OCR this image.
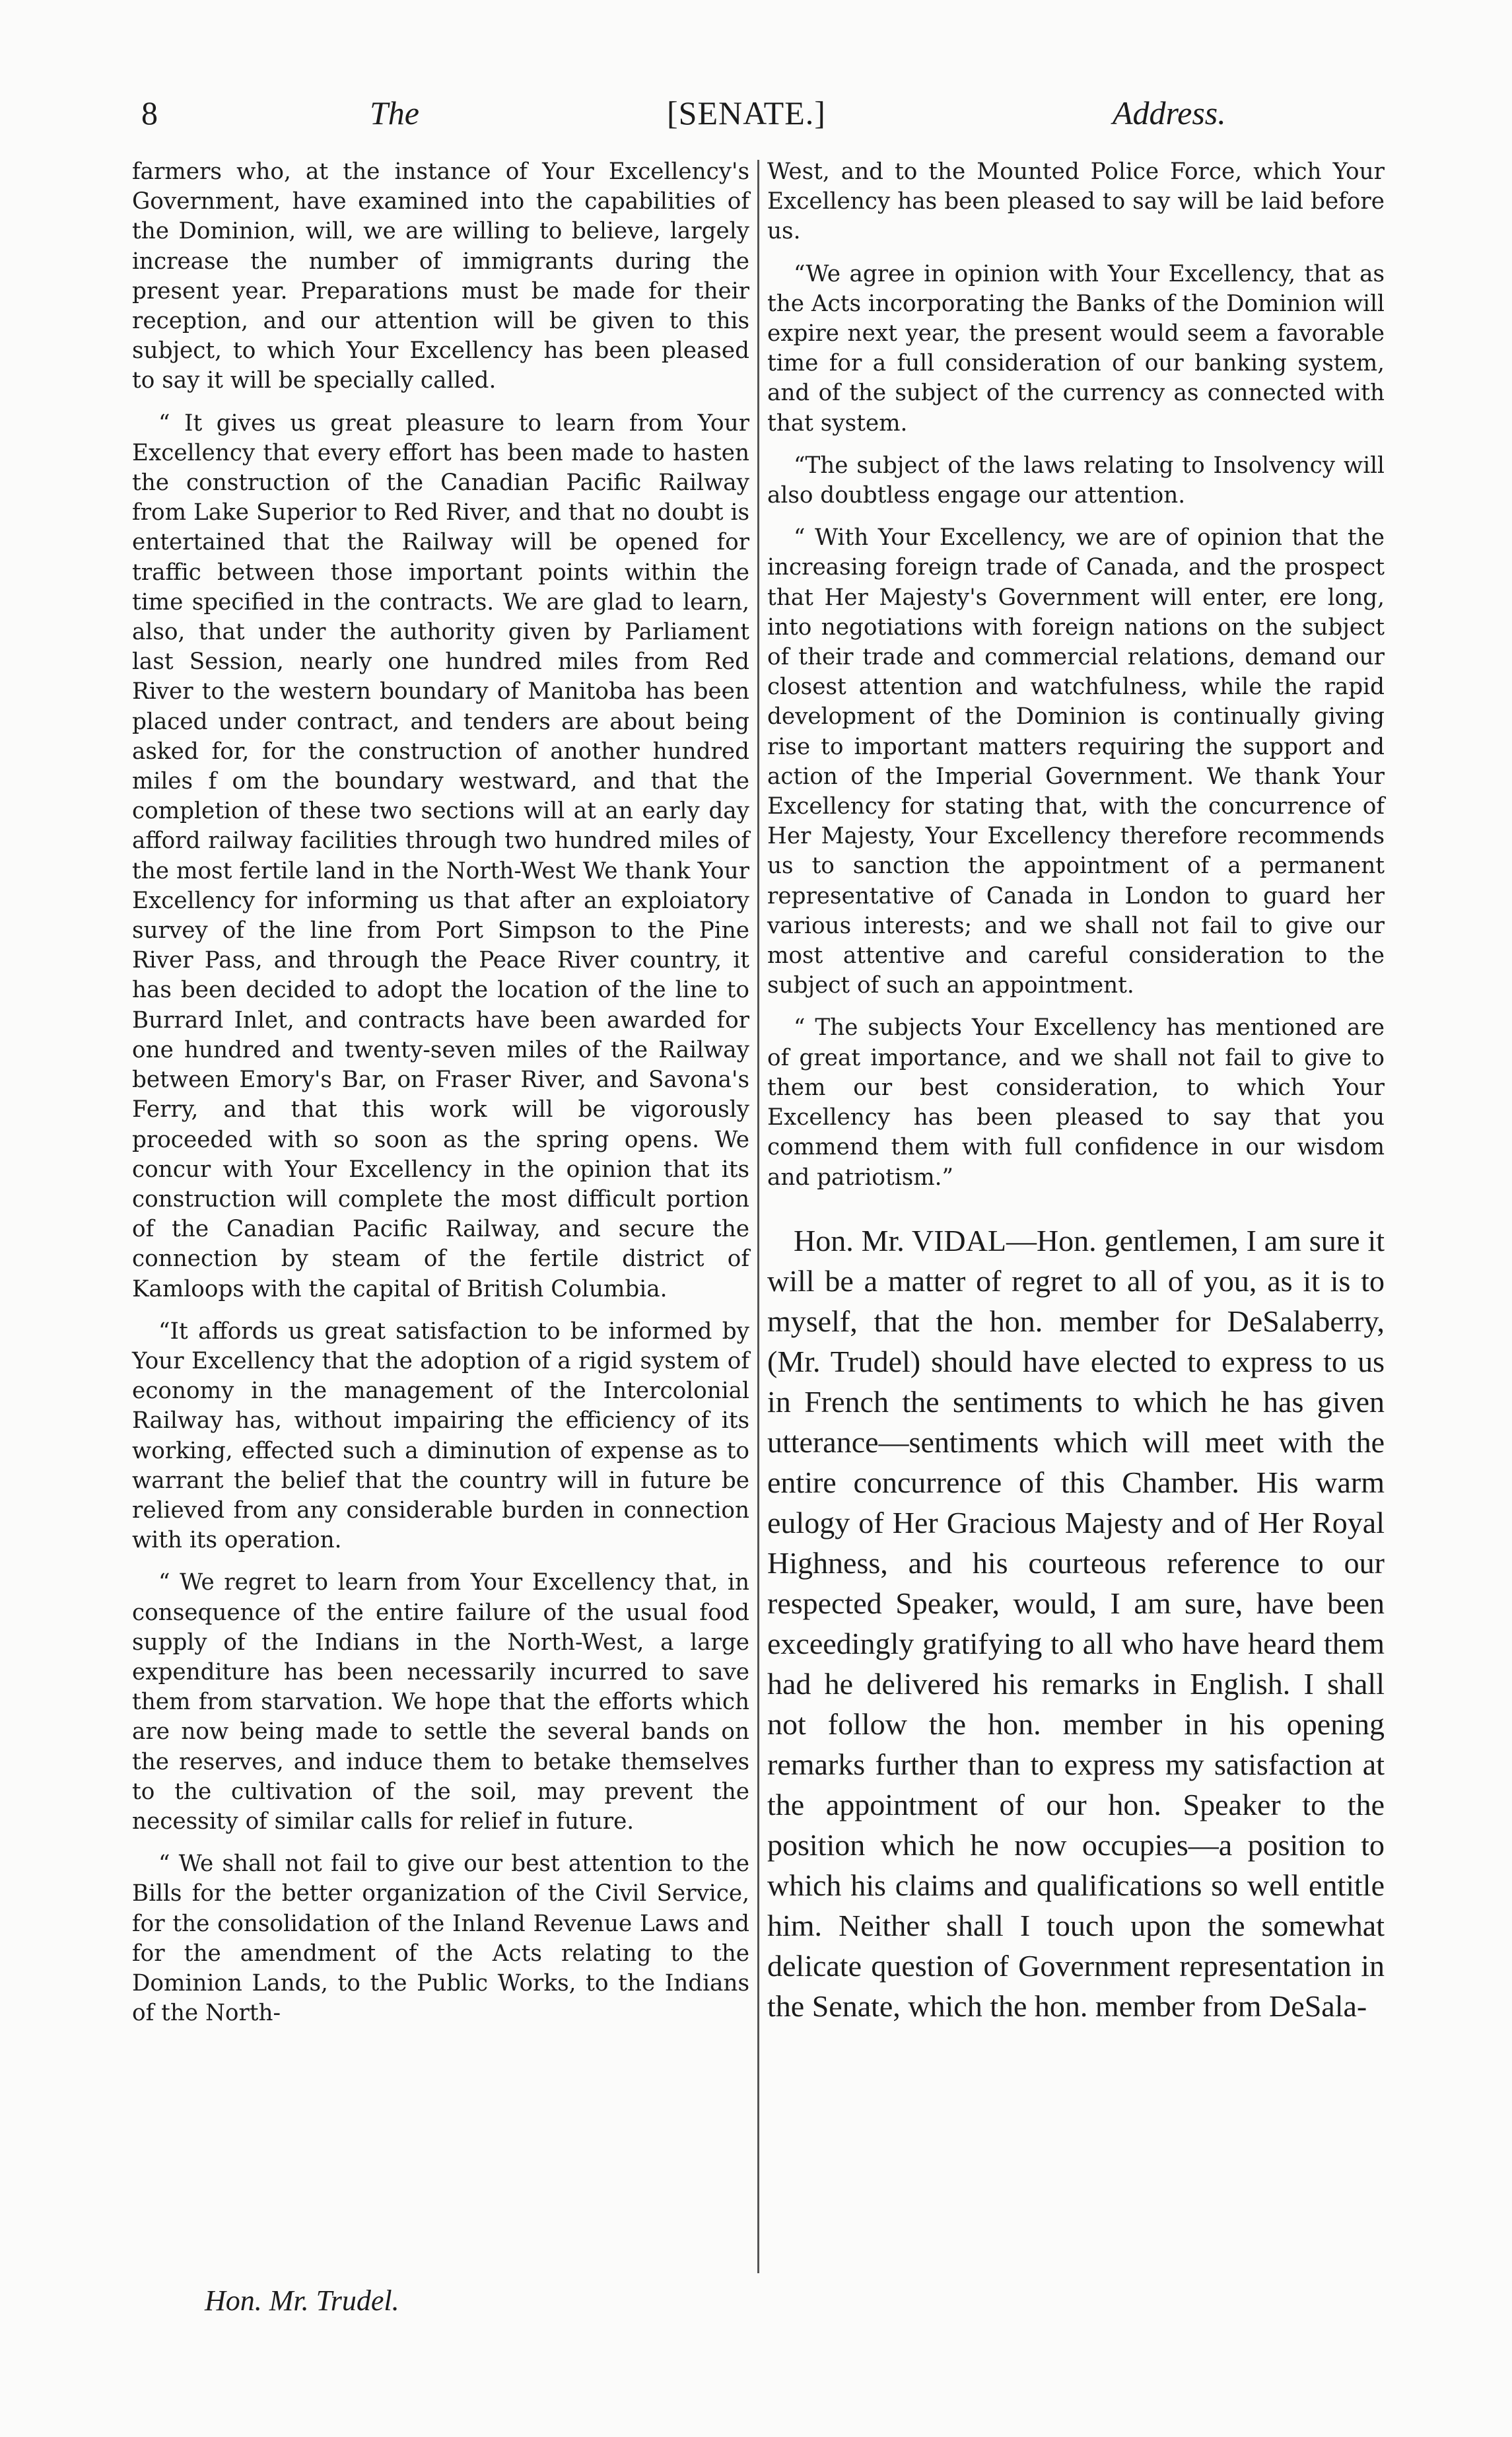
8	The	[SENATE.]	Address.

farmers who, at the instance of Your Excellency's Government, have examined into the capabilities of the Dominion, will, we are willing to believe, largely increase the number of immigrants during the present year. Preparations must be made for their reception, and our attention will be given to this subject, to which Your Excellency has been pleased to say it will be specially called.

“ It gives us great pleasure to learn from Your Excellency that every effort has been made to hasten the construction of the Canadian Pacific Railway from Lake Superior to Red River, and that no doubt is entertained that the Railway will be opened for traffic between those important points within the time specified in the contracts. We are glad to learn, also, that under the authority given by Parliament last Session, nearly one hundred miles from Red River to the western boundary of Manitoba has been placed under contract, and tenders are about being asked for, for the construction of another hundred miles f om the boundary westward, and that the completion of these two sections will at an early day afford railway facilities through two hundred miles of the most fertile land in the North-West We thank Your Excellency for informing us that after an exploiatory survey of the line from Port Simpson to the Pine River Pass, and through the Peace River country, it has been decided to adopt the location of the line to Burrard Inlet, and contracts have been awarded for one hundred and twenty-seven miles of the Railway between Emory's Bar, on Fraser River, and Savona's Ferry, and that this work will be vigorously proceeded with so soon as the spring opens. We concur with Your Excellency in the opinion that its construction will complete the most difficult portion of the Canadian Pacific Railway, and secure the connection by steam of the fertile district of Kamloops with the capital of British Columbia.

“It affords us great satisfaction to be informed by Your Excellency that the adoption of a rigid system of economy in the management of the Intercolonial Railway has, without impairing the efficiency of its working, effected such a diminution of expense as to warrant the belief that the country will in future be relieved from any considerable burden in connection with its operation.

“ We regret to learn from Your Excellency that, in consequence of the entire failure of the usual food supply of the Indians in the North-West, a large expenditure has been necessarily incurred to save them from starvation. We hope that the efforts which are now being made to settle the several bands on the reserves, and induce them to betake themselves to the cultivation of the soil, may prevent the necessity of similar calls for relief in future.

“ We shall not fail to give our best attention to the Bills for the better organization of the Civil Service, for the consolidation of the Inland Revenue Laws and for the amendment of the Acts relating to the Dominion Lands, to the Public Works, to the Indians of the North-

West, and to the Mounted Police Force, which Your Excellency has been pleased to say will be laid before us.

“We agree in opinion with Your Excellency, that as the Acts incorporating the Banks of the Dominion will expire next year, the present would seem a favorable time for a full consideration of our banking system, and of the subject of the currency as connected with that system.

“The subject of the laws relating to Insolvency will also doubtless engage our attention.

“ With Your Excellency, we are of opinion that the increasing foreign trade of Canada, and the prospect that Her Majesty's Government will enter, ere long, into negotiations with foreign nations on the subject of their trade and commercial relations, demand our closest attention and watchfulness, while the rapid development of the Dominion is continually giving rise to important matters requiring the support and action of the Imperial Government. We thank Your Excellency for stating that, with the concurrence of Her Majesty, Your Excellency therefore recommends us to sanction the appointment of a permanent representative of Canada in London to guard her various interests; and we shall not fail to give our most attentive and careful consideration to the subject of such an appointment.

“ The subjects Your Excellency has mentioned are of great importance, and we shall not fail to give to them our best consideration, to which Your Excellency has been pleased to say that you commend them with full confidence in our wisdom and patriotism.”

Hon. Mr. VIDAL—Hon. gentlemen, I am sure it will be a matter of regret to all of you, as it is to myself, that the hon. member for DeSalaberry, (Mr. Trudel) should have elected to express to us in French the sentiments to which he has given utterance—sentiments which will meet with the entire concurrence of this Chamber. His warm eulogy of Her Gracious Majesty and of Her Royal Highness, and his courteous reference to our respected Speaker, would, I am sure, have been exceedingly gratifying to all who have heard them had he delivered his remarks in English. I shall not follow the hon. member in his opening remarks further than to express my satisfaction at the appointment of our hon. Speaker to the position which he now occupies—a position to which his claims and qualifications so well entitle him. Neither shall I touch upon the somewhat delicate question of Government representation in the Senate, which the hon. member from DeSala-

Hon. Mr. Trudel.
